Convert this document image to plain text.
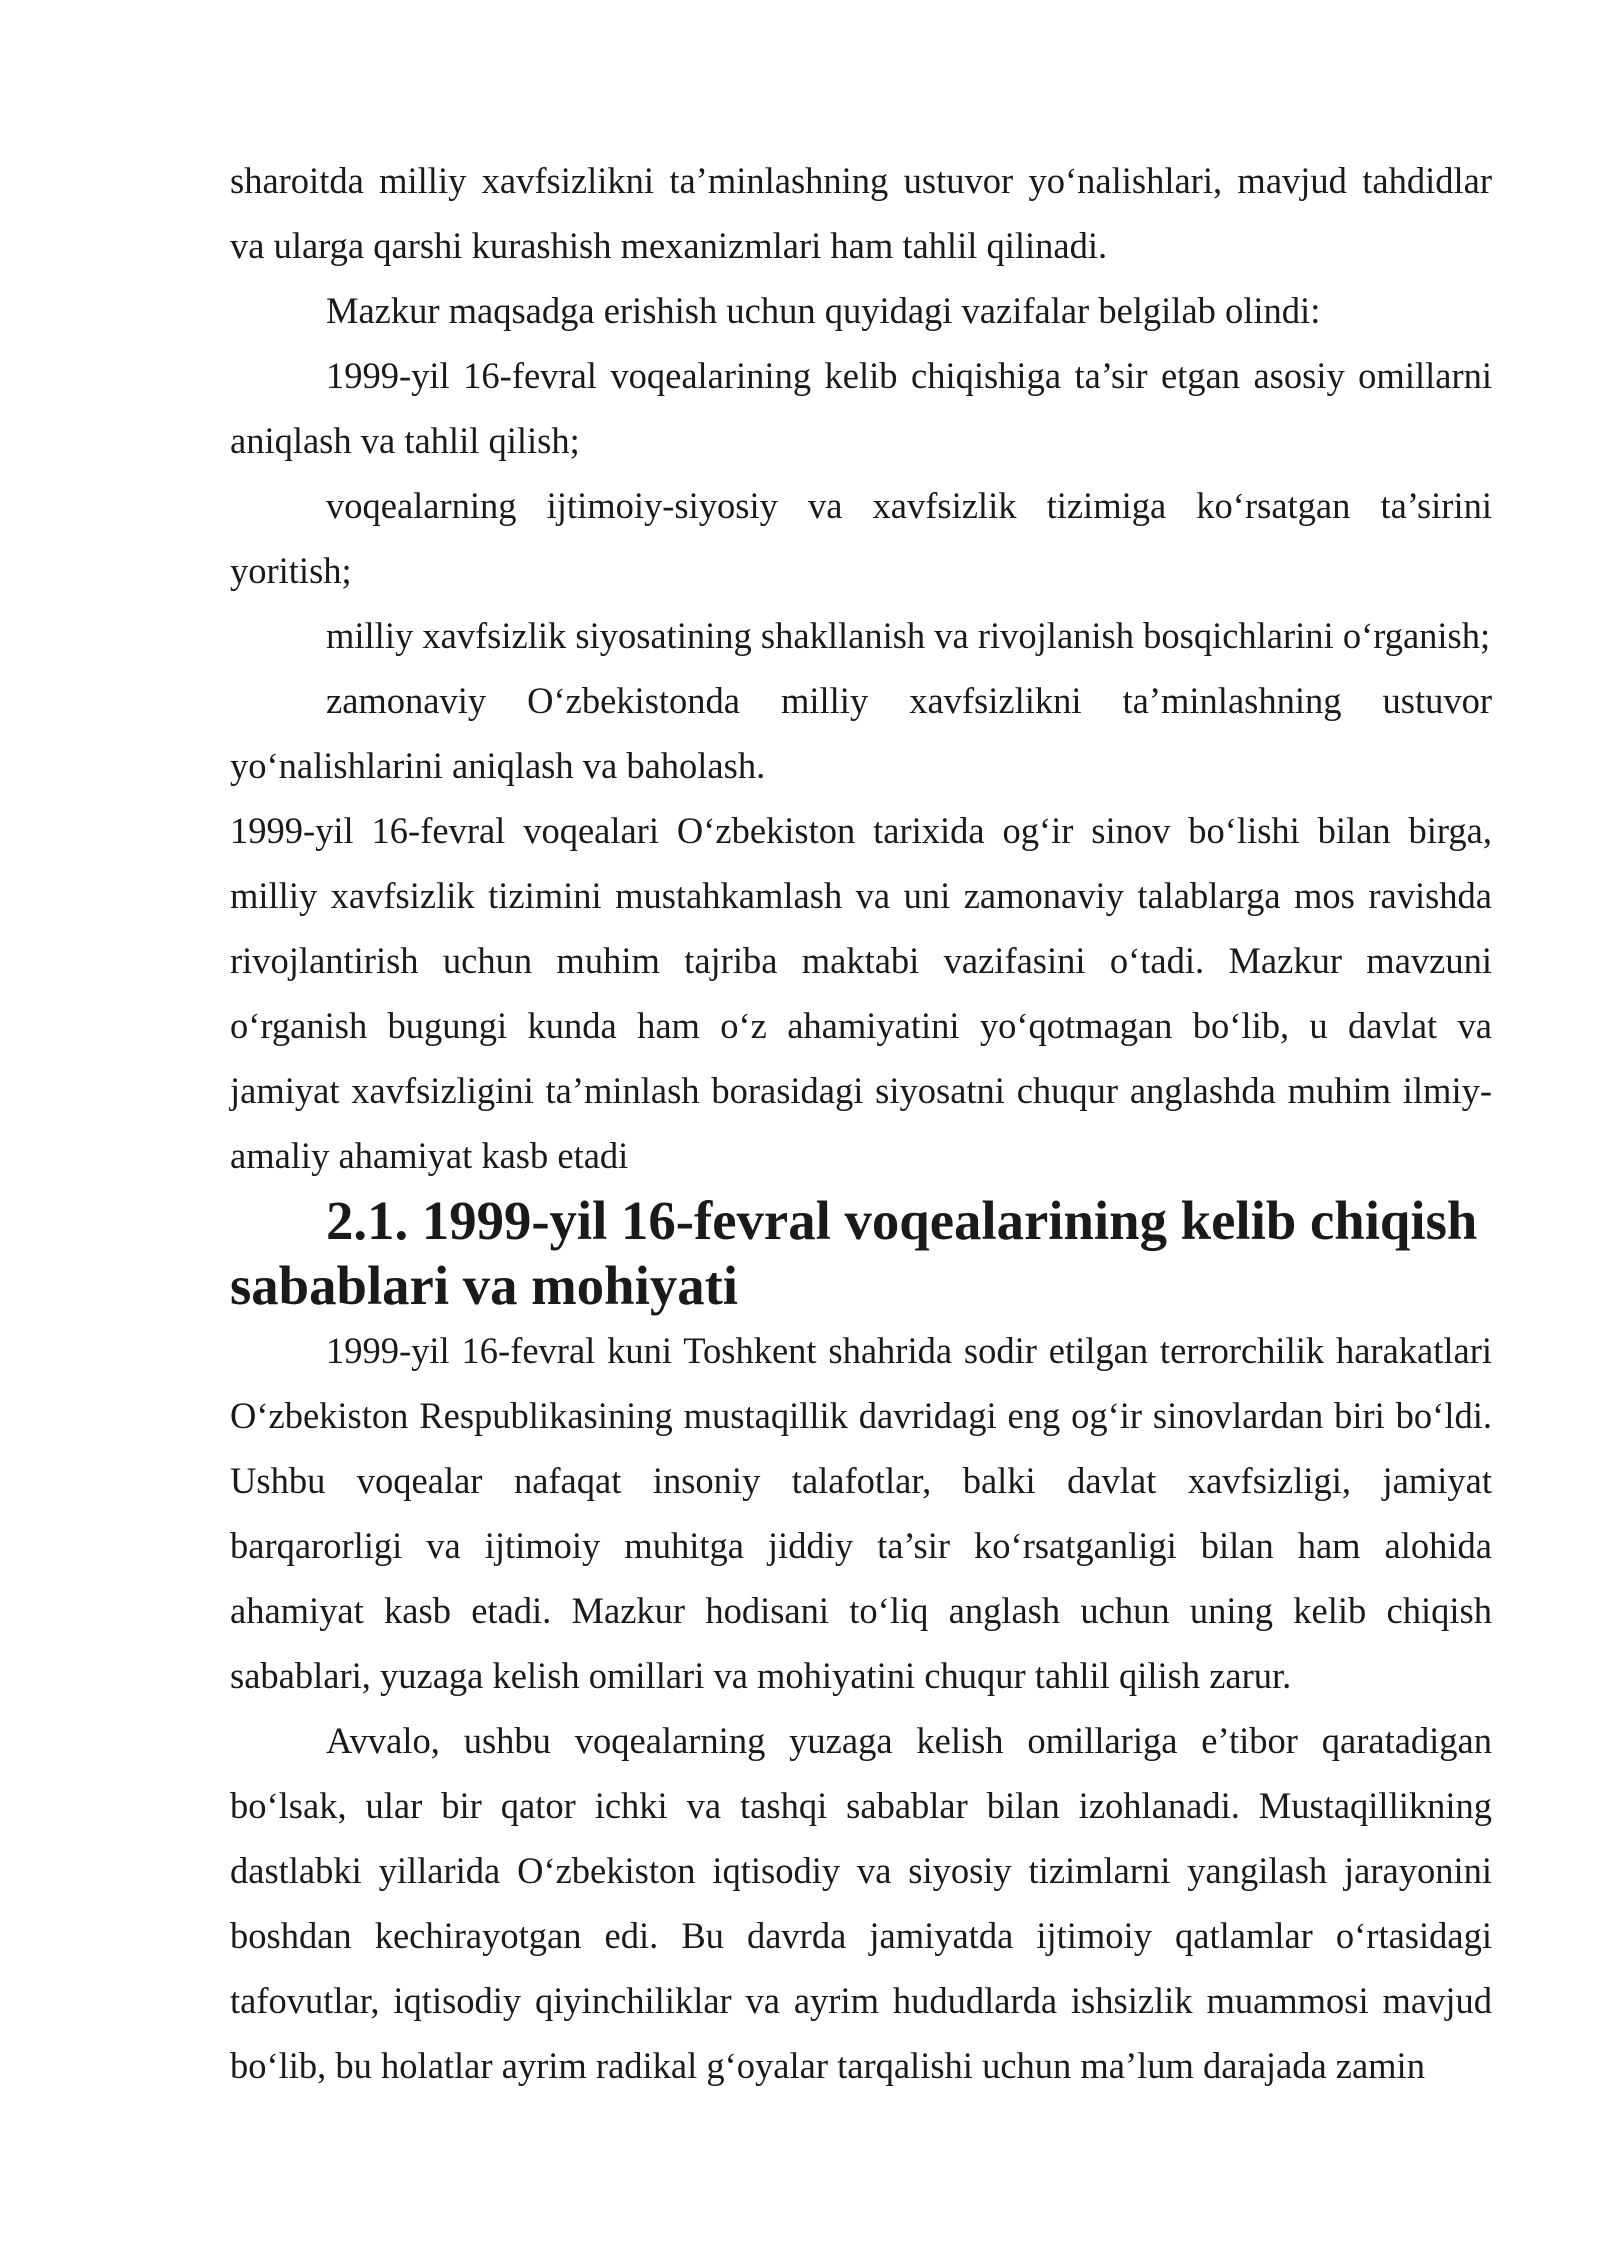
sharoitda milliy xavfsizlikni ta’minlashning ustuvor yo‘nalishlari, mavjud tahdidlar va ularga qarshi kurashish mexanizmlari ham tahlil qilinadi.

Mazkur maqsadga erishish uchun quyidagi vazifalar belgilab olindi:

1999-yil 16-fevral voqealarining kelib chiqishiga ta’sir etgan asosiy omillarni aniqlash va tahlil qilish;

voqealarning ijtimoiy-siyosiy va xavfsizlik tizimiga ko‘rsatgan ta’sirini yoritish;

milliy xavfsizlik siyosatining shakllanish va rivojlanish bosqichlarini o‘rganish;

zamonaviy O‘zbekistonda milliy xavfsizlikni ta’minlashning ustuvor yo‘nalishlarini aniqlash va baholash.

1999-yil 16-fevral voqealari O‘zbekiston tarixida og‘ir sinov bo‘lishi bilan birga, milliy xavfsizlik tizimini mustahkamlash va uni zamonaviy talablarga mos ravishda rivojlantirish uchun muhim tajriba maktabi vazifasini o‘tadi. Mazkur mavzuni o‘rganish bugungi kunda ham o‘z ahamiyatini yo‘qotmagan bo‘lib, u davlat va jamiyat xavfsizligini ta’minlash borasidagi siyosatni chuqur anglashda muhim ilmiy-amaliy ahamiyat kasb etadi

2.1. 1999-yil 16-fevral voqealarining kelib chiqish sabablari va mohiyati

1999-yil 16-fevral kuni Toshkent shahrida sodir etilgan terrorchilik harakatlari O‘zbekiston Respublikasining mustaqillik davridagi eng og‘ir sinovlardan biri bo‘ldi. Ushbu voqealar nafaqat insoniy talafotlar, balki davlat xavfsizligi, jamiyat barqarorligi va ijtimoiy muhitga jiddiy ta’sir ko‘rsatganligi bilan ham alohida ahamiyat kasb etadi. Mazkur hodisani to‘liq anglash uchun uning kelib chiqish sabablari, yuzaga kelish omillari va mohiyatini chuqur tahlil qilish zarur.

Avvalo, ushbu voqealarning yuzaga kelish omillariga e’tibor qaratadigan bo‘lsak, ular bir qator ichki va tashqi sabablar bilan izohlanadi. Mustaqillikning dastlabki yillarida O‘zbekiston iqtisodiy va siyosiy tizimlarni yangilash jarayonini boshdan kechirayotgan edi. Bu davrda jamiyatda ijtimoiy qatlamlar o‘rtasidagi tafovutlar, iqtisodiy qiyinchiliklar va ayrim hududlarda ishsizlik muammosi mavjud bo‘lib, bu holatlar ayrim radikal g‘oyalar tarqalishi uchun ma’lum darajada zamin
